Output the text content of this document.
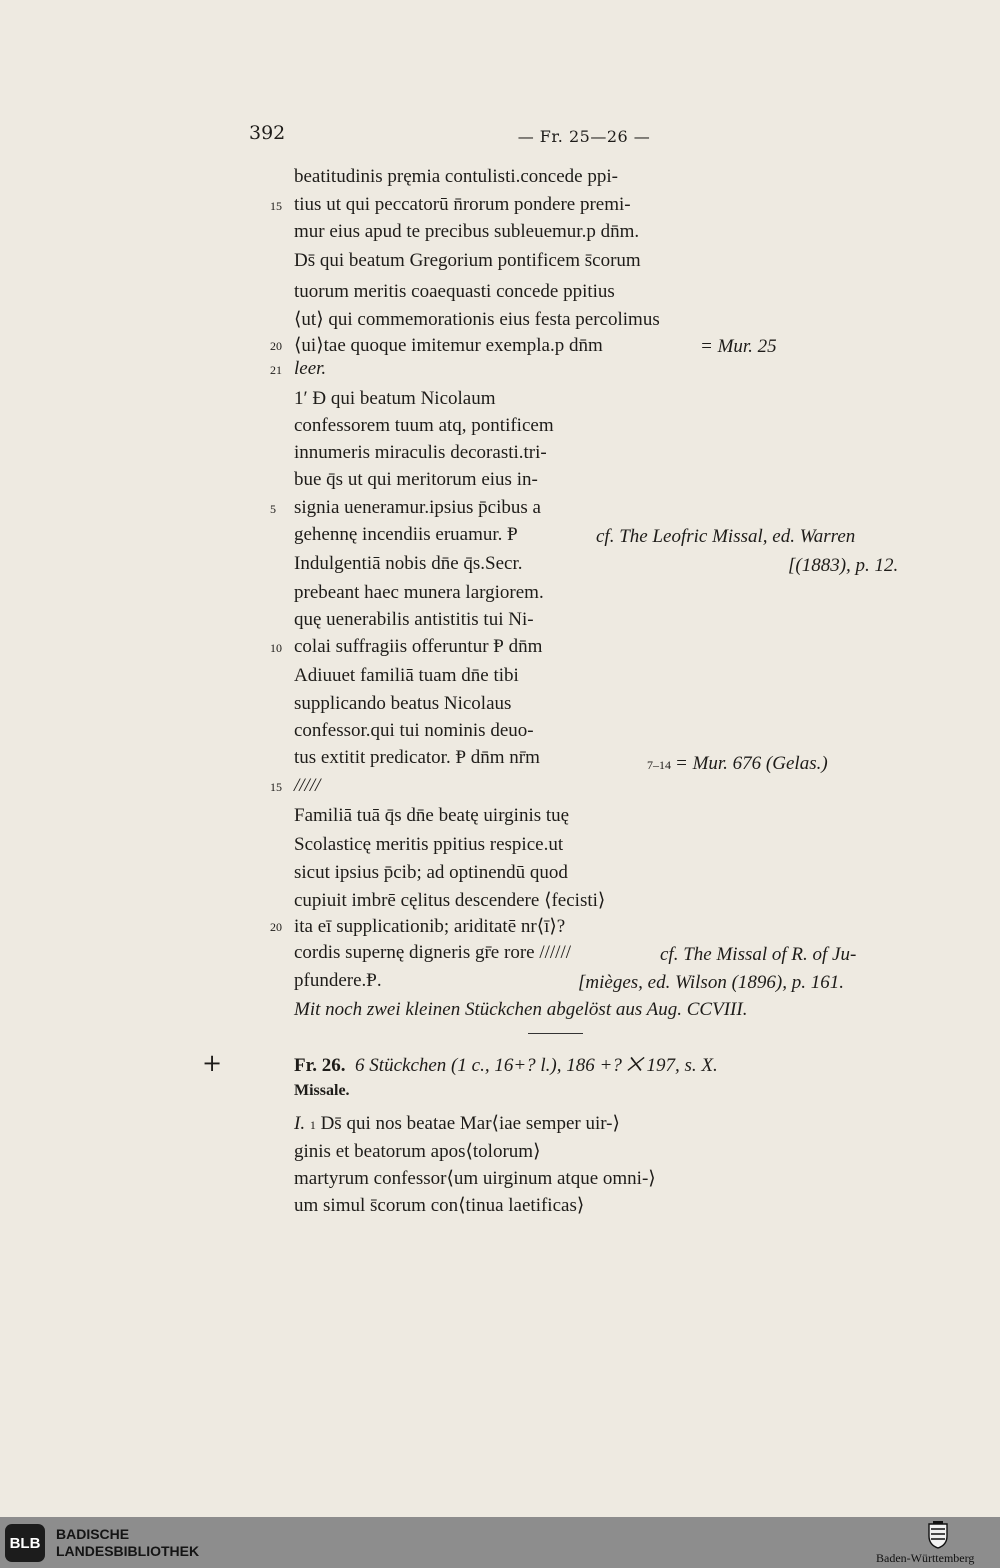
392	— Fr. 25—26 —
beatitudinis pręmia contulisti.concede ppi-
15 tius ut qui peccatorū n̄rorum pondere premi-
mur eius apud te precibus subleuemur.p dn̄m.
Ds̄ qui beatum Gregorium pontificem s̄corum
tuorum meritis coaequasti concede ppitius
⟨ut⟩ qui commemorationis eius festa percolimus
20 ⟨ui⟩tae quoque imitemur exempla.p dn̄m	= Mur. 25
21 leer.
1′ Ɖ qui beatum Nicolaum
confessorem tuum atq, pontificem
innumeris miraculis decorasti.tri-
bue q̄s ut qui meritorum eius in-
5 signia ueneramur.ipsius p̄cibus a
gehennę incendiis eruamur. Ᵽ	cf. The Leofric Missal, ed. Warren
Indulgentiā nobis dn̄e q̄s.Secr.	[(1883), p. 12.
prebeant haec munera largiorem.
quę uenerabilis antistitis tui Ni-
10 colai suffragiis offeruntur Ᵽ dn̄m
Adiuuet familiā tuam dn̄e tibi
supplicando beatus Nicolaus
confessor.qui tui nominis deuo-
tus extitit predicator. Ᵽ dn̄m nr̄m	7–14 = Mur. 676 (Gelas.)
15 /////
Familiā tuā q̄s dn̄e beatę uirginis tuę
Scolasticę meritis ppitius respice.ut
sicut ipsius p̄cib; ad optinendū quod
cupiuit imbrē cęlitus descendere ⟨fecisti⟩
20 ita eī supplicationib; ariditatē nr⟨ī⟩?
cordis supernę digneris gr̄e rore //////	cf. The Missal of R. of Ju-
pfundere.Ᵽ.	[mièges, ed. Wilson (1896), p. 161.
Mit noch zwei kleinen Stückchen abgelöst aus Aug. CCVIII.
+	Fr. 26. 6 Stückchen (1 c., 16+? l.), 186 +? ⨉ 197, s. X.
Missale.
I. 1 Ds̄ qui nos beatae Mar⟨iae semper uir-⟩
ginis et beatorum apos⟨tolorum⟩
martyrum confessor⟨um uirginum atque omni-⟩
um simul s̄corum con⟨tinua laetificas⟩
BLB
BADISCHE
LANDESBIBLIOTHEK	Baden-Württemberg
